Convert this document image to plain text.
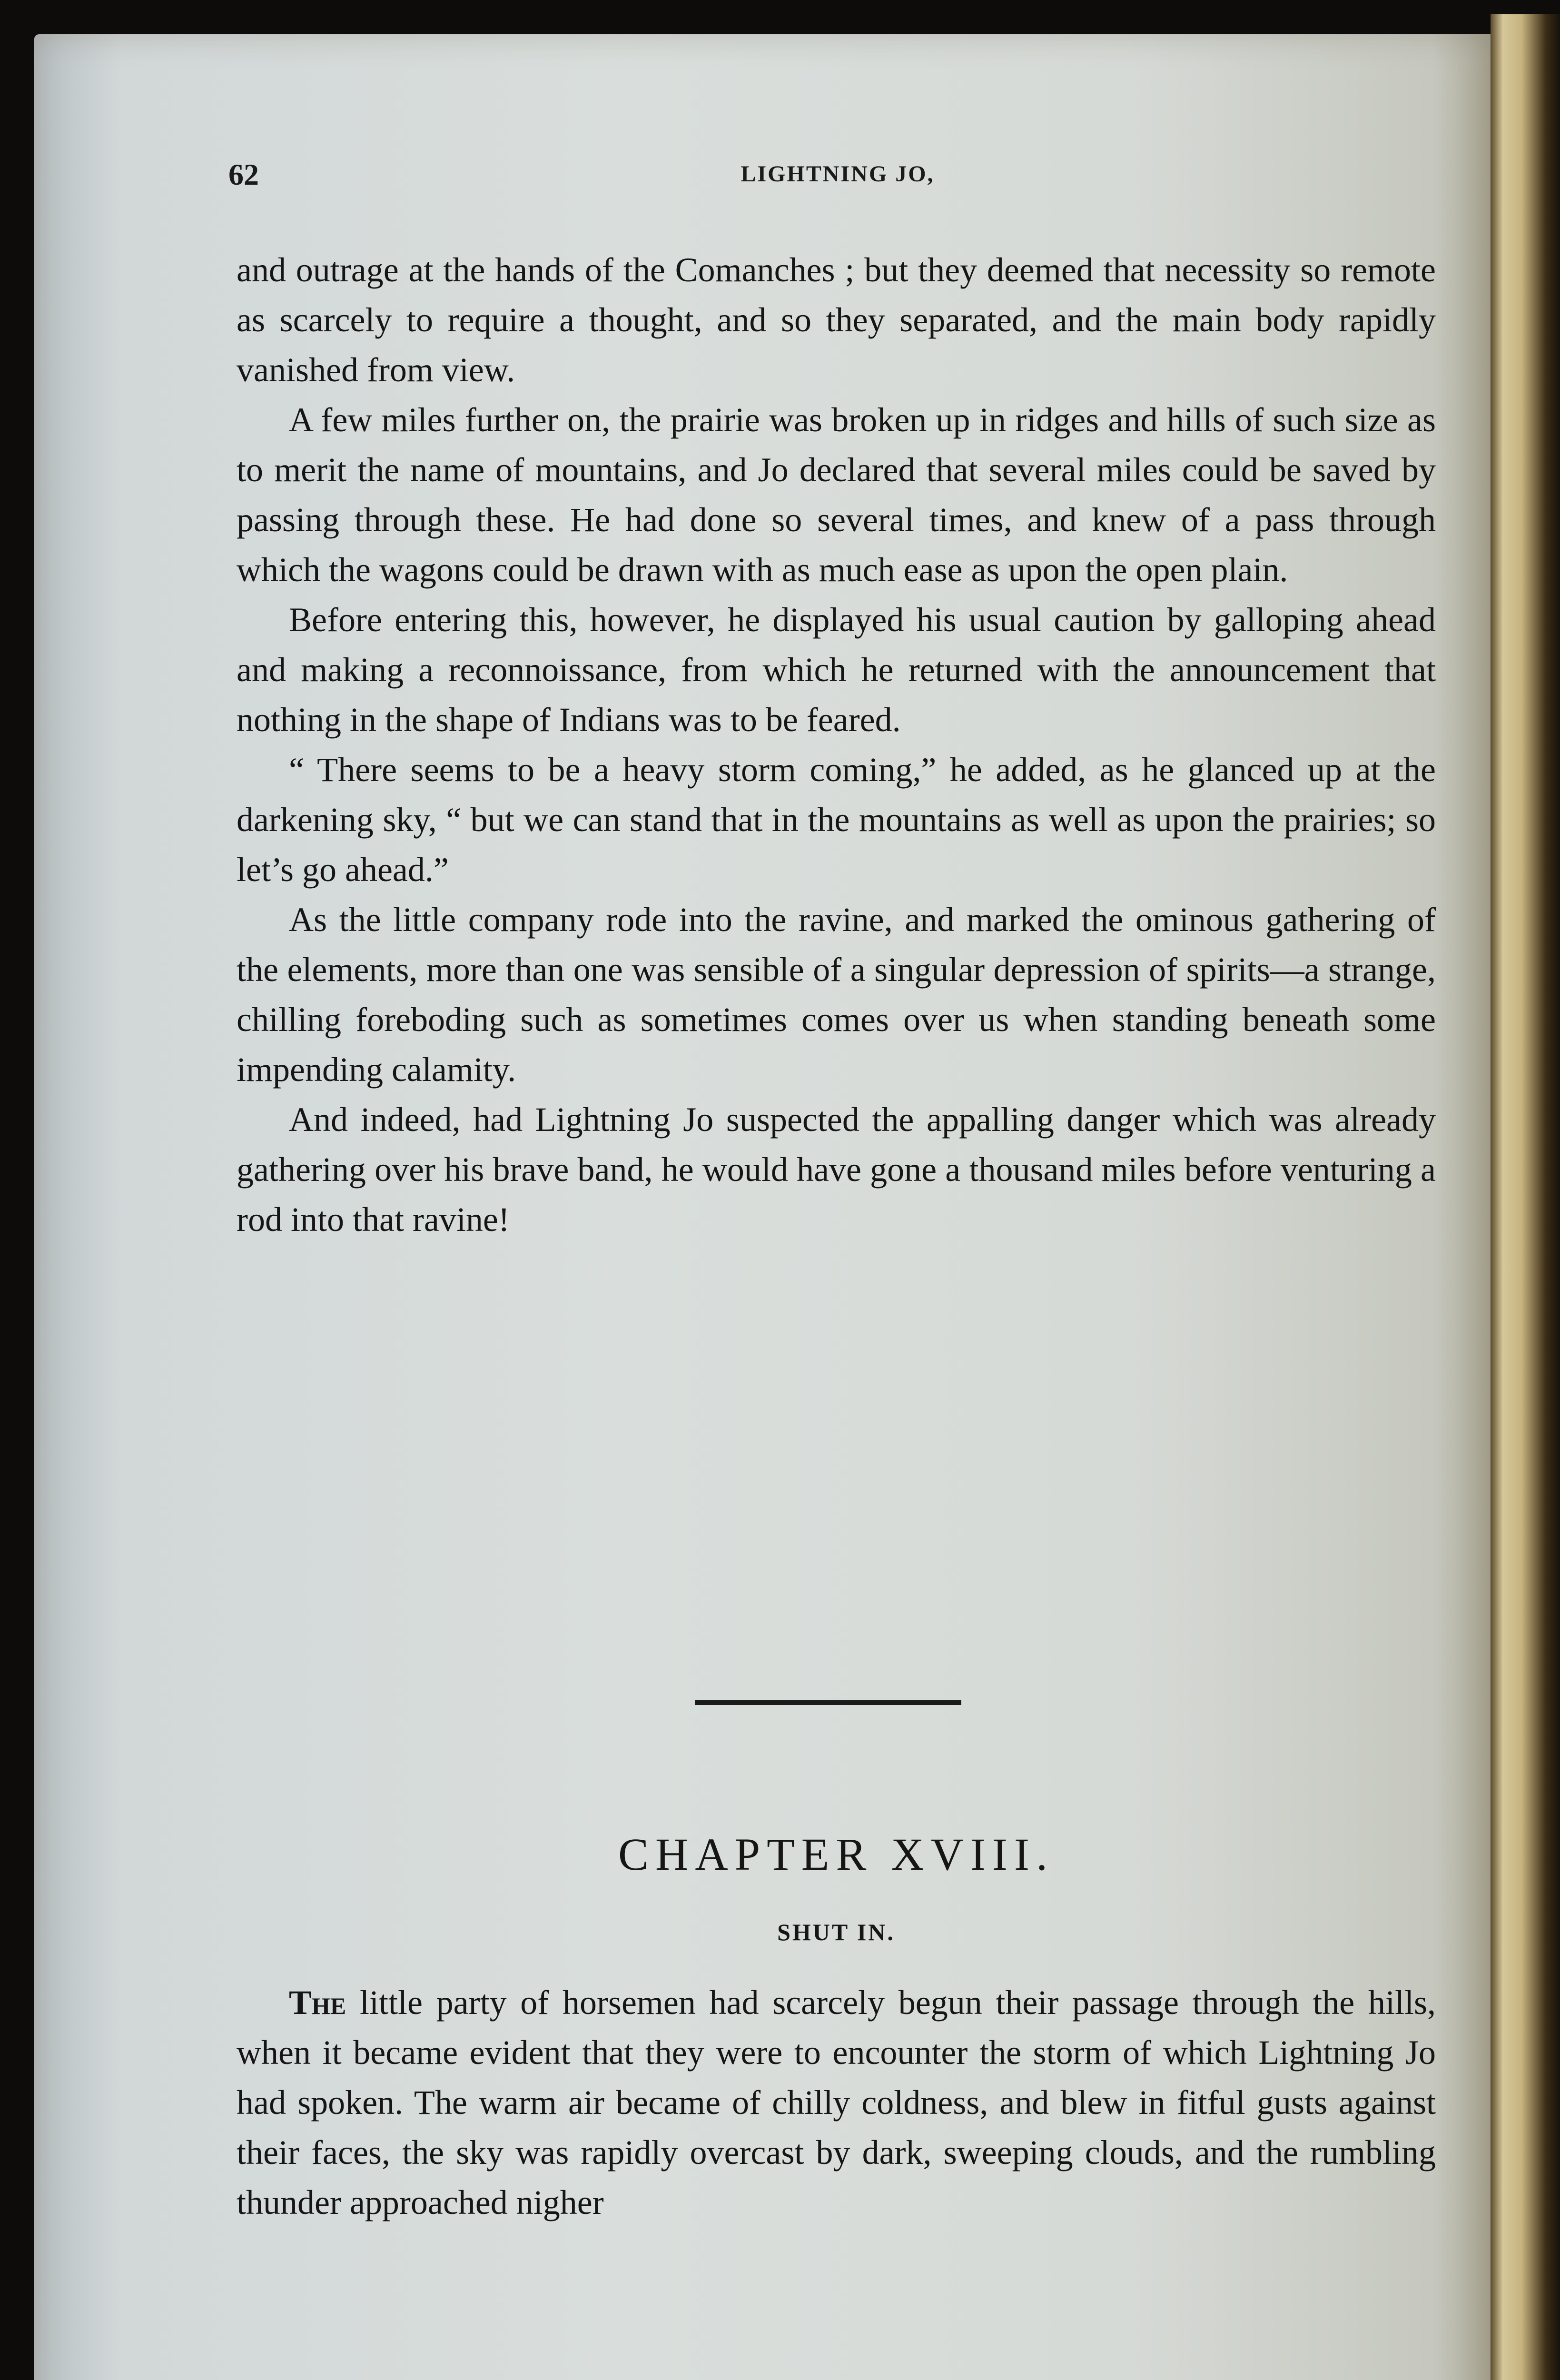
62	LIGHTNING JO,

and outrage at the hands of the Comanches ; but they deemed that necessity so remote as scarcely to require a thought, and so they separated, and the main body rapidly vanished from view.

A few miles further on, the prairie was broken up in ridges and hills of such size as to merit the name of mountains, and Jo declared that several miles could be saved by passing through these. He had done so several times, and knew of a pass through which the wagons could be drawn with as much ease as upon the open plain.

Before entering this, however, he displayed his usual caution by galloping ahead and making a reconnoissance, from which he returned with the announcement that nothing in the shape of Indians was to be feared.

“ There seems to be a heavy storm coming,” he added, as he glanced up at the darkening sky, “ but we can stand that in the mountains as well as upon the prairies; so let’s go ahead.”

As the little company rode into the ravine, and marked the ominous gathering of the elements, more than one was sensible of a singular depression of spirits—a strange, chilling foreboding such as sometimes comes over us when standing beneath some impending calamity.

And indeed, had Lightning Jo suspected the appalling danger which was already gathering over his brave band, he would have gone a thousand miles before venturing a rod into that ravine!

CHAPTER XVIII.
SHUT IN.

The little party of horsemen had scarcely begun their passage through the hills, when it became evident that they were to encounter the storm of which Lightning Jo had spoken. The warm air became of chilly coldness, and blew in fitful gusts against their faces, the sky was rapidly overcast by dark, sweeping clouds, and the rumbling thunder approached nigher
